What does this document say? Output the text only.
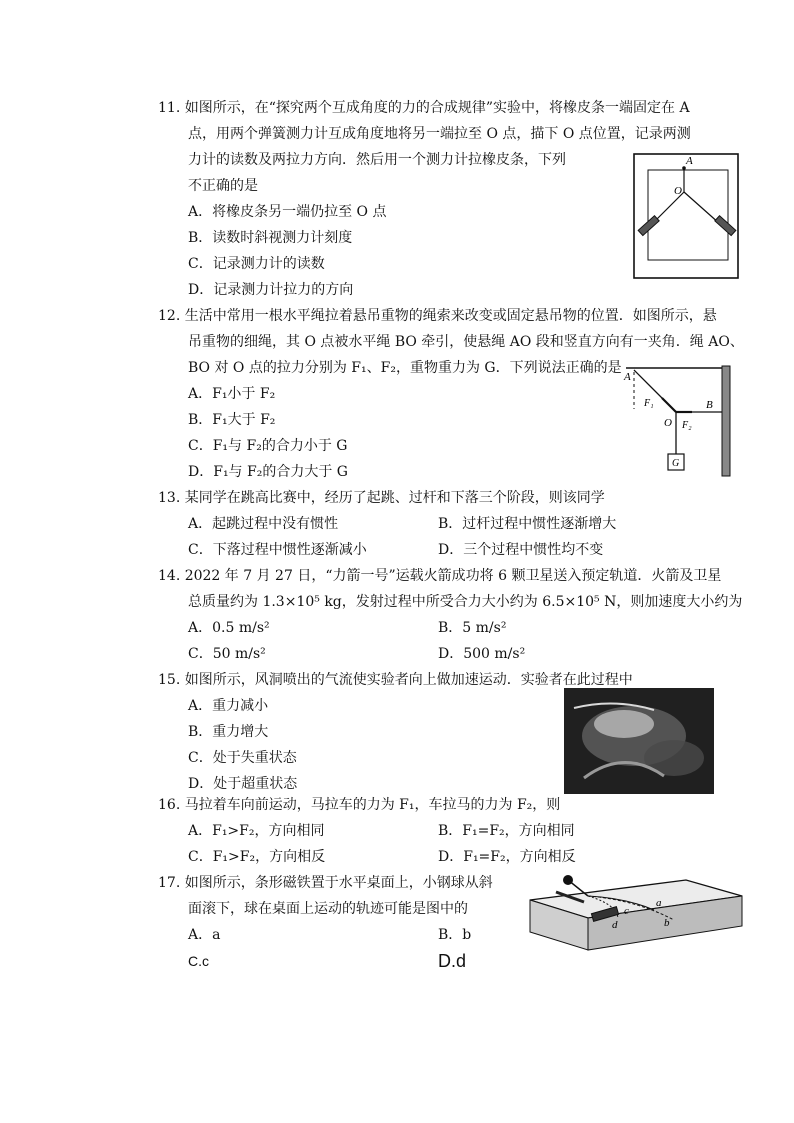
11. 如图所示，在“探究两个互成角度的力的合成规律”实验中，将橡皮条一端固定在 A
点，用两个弹簧测力计互成角度地将另一端拉至 O 点，描下 O 点位置，记录两测
力计的读数及两拉力方向．然后用一个测力计拉橡皮条，下列
不正确的是
A．将橡皮条另一端仍拉至 O 点
B．读数时斜视测力计刻度
C．记录测力计的读数
D．记录测力计拉力的方向
A
O
12. 生活中常用一根水平绳拉着悬吊重物的绳索来改变或固定悬吊物的位置．如图所示，悬
吊重物的细绳，其 O 点被水平绳 BO 牵引，使悬绳 AO 段和竖直方向有一夹角．绳 AO、
BO 对 O 点的拉力分别为 F₁、F₂，重物重力为 G．下列说法正确的是
A．F₁小于 F₂
B．F₁大于 F₂
C．F₁与 F₂的合力小于 G
D．F₁与 F₂的合力大于 G
A
B
O
F₁
F₂
G
13. 某同学在跳高比赛中，经历了起跳、过杆和下落三个阶段，则该同学
A．起跳过程中没有惯性	B．过杆过程中惯性逐渐增大
C．下落过程中惯性逐渐减小	D．三个过程中惯性均不变
14. 2022 年 7 月 27 日，“力箭一号”运载火箭成功将 6 颗卫星送入预定轨道．火箭及卫星
总质量约为 1.3×10⁵ kg，发射过程中所受合力大小约为 6.5×10⁵ N，则加速度大小约为
A．0.5 m/s²	B．5 m/s²
C．50 m/s²	D．500 m/s²
15. 如图所示，风洞喷出的气流使实验者向上做加速运动．实验者在此过程中
A．重力减小
B．重力增大
C．处于失重状态
D．处于超重状态
16. 马拉着车向前运动，马拉车的力为 F₁，车拉马的力为 F₂，则
A．F₁>F₂，方向相同	B．F₁=F₂，方向相同
C．F₁>F₂，方向相反	D．F₁=F₂，方向相反
17. 如图所示，条形磁铁置于水平桌面上，小钢球从斜
面滚下，球在桌面上运动的轨迹可能是图中的
A．a	B．b
C.c	D.d
a
b
c
d
